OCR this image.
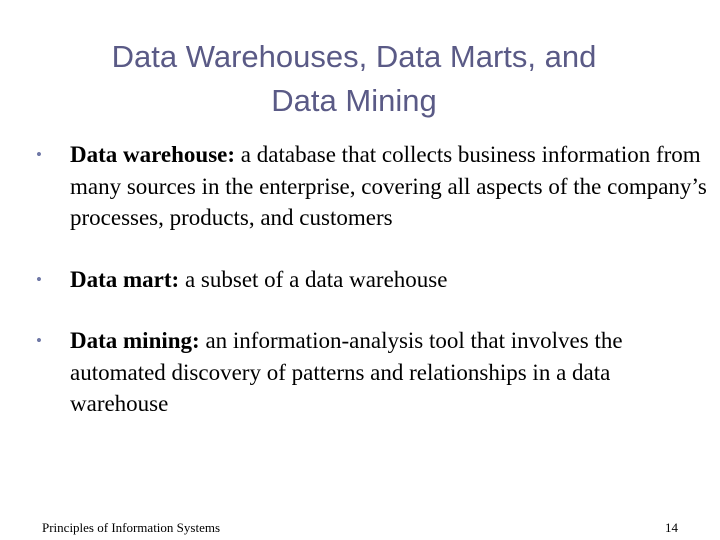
Data Warehouses, Data Marts, and
Data Mining
• Data warehouse: a database that collects business information from many sources in the enterprise, covering all aspects of the company’s processes, products, and customers
• Data mart: a subset of a data warehouse
• Data mining: an information-analysis tool that involves the automated discovery of patterns and relationships in a data warehouse
Principles of Information Systems	14
